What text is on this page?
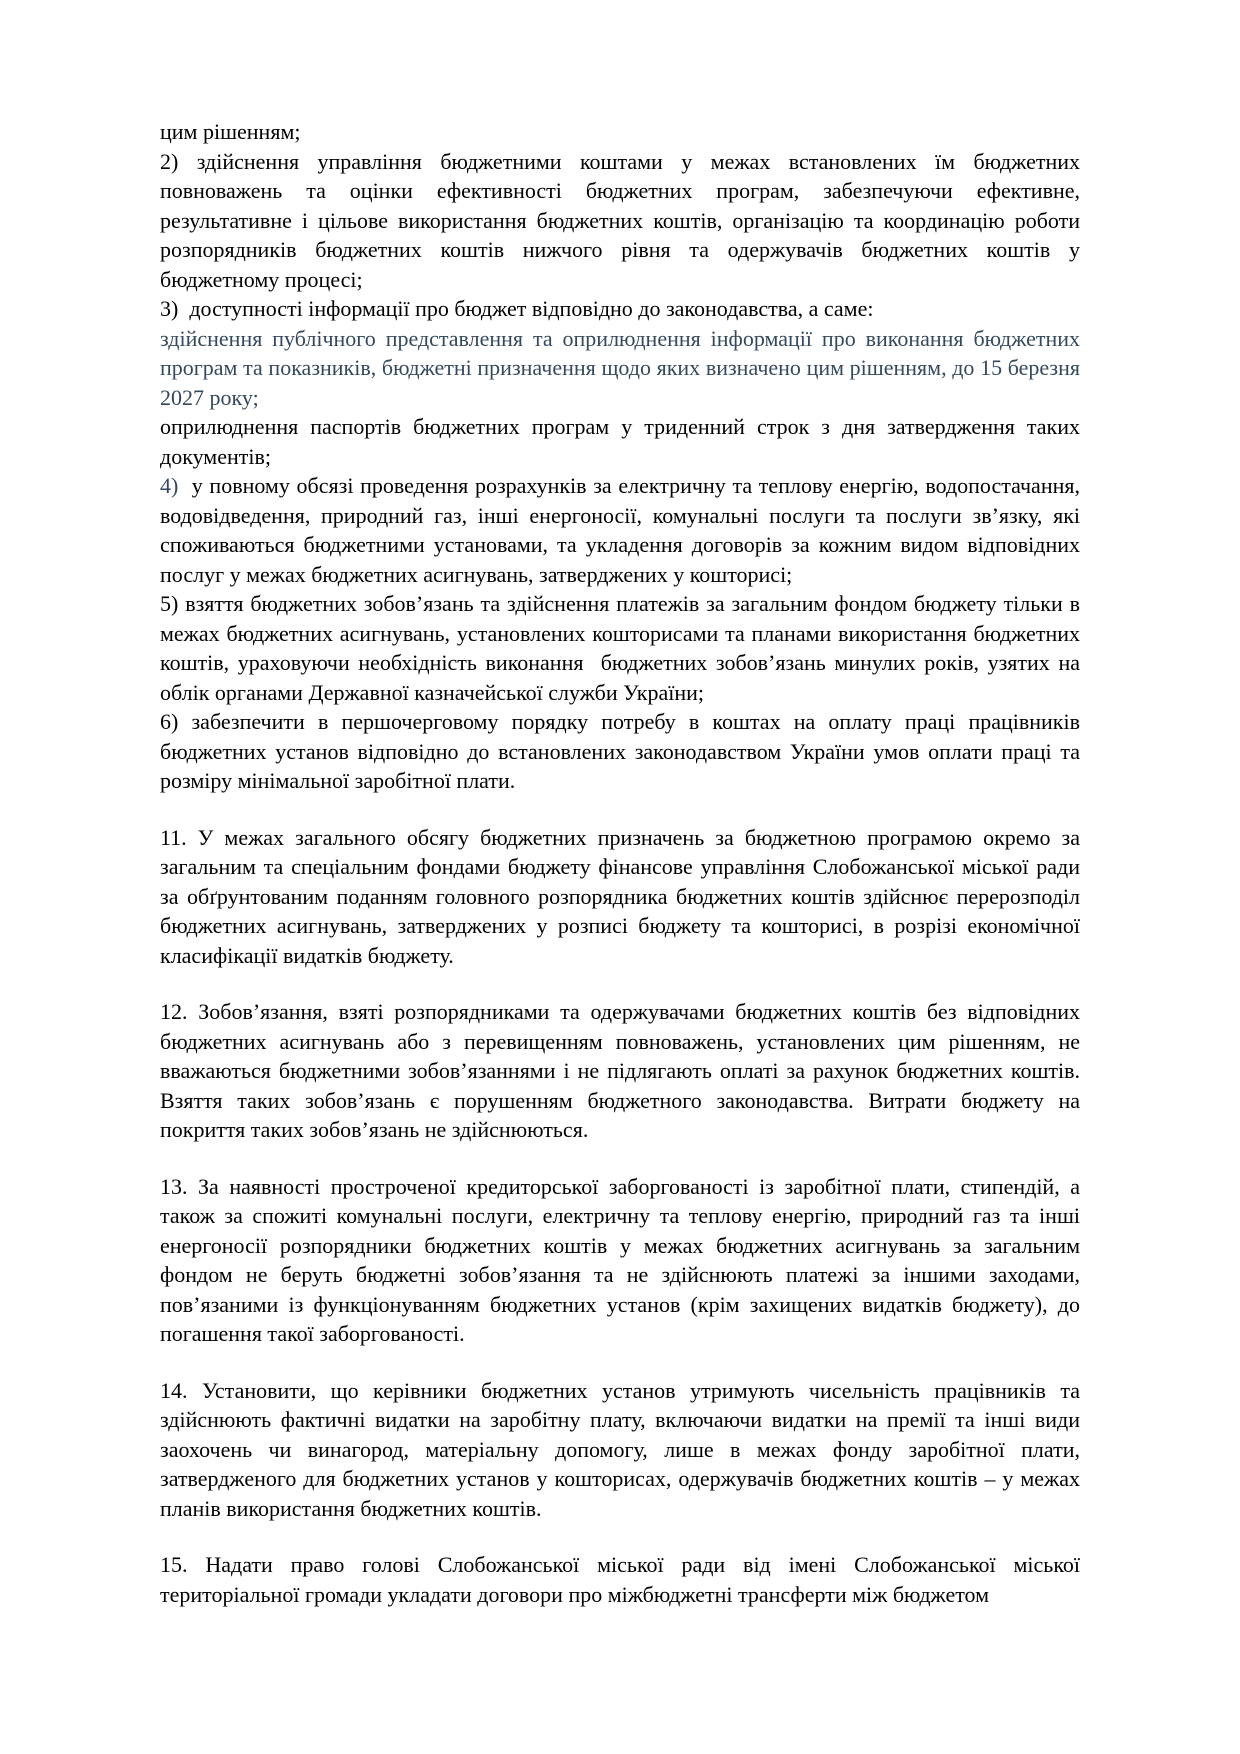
цим рішенням;

2) здійснення управління бюджетними коштами у межах встановлених їм бюджетних повноважень та оцінки ефективності бюджетних програм, забезпечуючи ефективне, результативне і цільове використання бюджетних коштів, організацію та координацію роботи розпорядників бюджетних коштів нижчого рівня та одержувачів бюджетних коштів у бюджетному процесі;

3)  доступності інформації про бюджет відповідно до законодавства, а саме:

здійснення публічного представлення та оприлюднення інформації про виконання бюджетних програм та показників, бюджетні призначення щодо яких визначено цим рішенням, до 15 березня 2027 року;

оприлюднення паспортів бюджетних програм у триденний строк з дня затвердження таких документів;

4)  у повному обсязі проведення розрахунків за електричну та теплову енергію, водопостачання, водовідведення, природний газ, інші енергоносії, комунальні послуги та послуги зв’язку, які споживаються бюджетними установами, та укладення договорів за кожним видом відповідних послуг у межах бюджетних асигнувань, затверджених у кошторисі;

5) взяття бюджетних зобов’язань та здійснення платежів за загальним фондом бюджету тільки в межах бюджетних асигнувань, установлених кошторисами та планами використання бюджетних коштів, ураховуючи необхідність виконання  бюджетних зобов’язань минулих років, узятих на облік органами Державної казначейської служби України;

6) забезпечити в першочерговому порядку потребу в коштах на оплату праці працівників бюджетних установ відповідно до встановлених законодавством України умов оплати праці та розміру мінімальної заробітної плати.

11. У межах загального обсягу бюджетних призначень за бюджетною програмою окремо за загальним та спеціальним фондами бюджету фінансове управління Слобожанської міської ради за обґрунтованим поданням головного розпорядника бюджетних коштів здійснює перерозподіл бюджетних асигнувань, затверджених у розписі бюджету та кошторисі, в розрізі економічної класифікації видатків бюджету.

12. Зобов’язання, взяті розпорядниками та одержувачами бюджетних коштів без відповідних бюджетних асигнувань або з перевищенням повноважень, установлених цим рішенням, не вважаються бюджетними зобов’язаннями і не підлягають оплаті за рахунок бюджетних коштів. Взяття таких зобов’язань є порушенням бюджетного законодавства. Витрати бюджету на покриття таких зобов’язань не здійснюються.

13. За наявності простроченої кредиторської заборгованості із заробітної плати, стипендій, а також за спожиті комунальні послуги, електричну та теплову енергію, природний газ та інші енергоносії розпорядники бюджетних коштів у межах бюджетних асигнувань за загальним фондом не беруть бюджетні зобов’язання та не здійснюють платежі за іншими заходами, пов’язаними із функціонуванням бюджетних установ (крім захищених видатків бюджету), до погашення такої заборгованості.

14. Установити, що керівники бюджетних установ утримують чисельність працівників та здійснюють фактичні видатки на заробітну плату, включаючи видатки на премії та інші види заохочень чи винагород, матеріальну допомогу, лише в межах фонду заробітної плати, затвердженого для бюджетних установ у кошторисах, одержувачів бюджетних коштів – у межах планів використання бюджетних коштів.

15. Надати право голові Слобожанської міської ради від імені Слобожанської міської територіальної громади укладати договори про міжбюджетні трансферти між бюджетом
